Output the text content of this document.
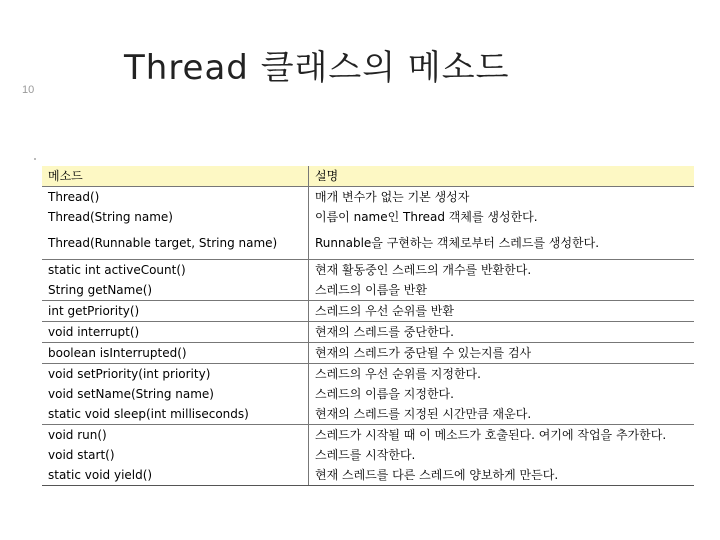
10
Thread 클래스의 메소드
메소드	설명
Thread()	매개 변수가 없는 기본 생성자
Thread(String name)	이름이 name인 Thread 객체를 생성한다.
Thread(Runnable target, String name)	Runnable을 구현하는 객체로부터 스레드를 생성한다.
static int activeCount()	현재 활동중인 스레드의 개수를 반환한다.
String getName()	스레드의 이름을 반환
int getPriority()	스레드의 우선 순위를 반환
void interrupt()	현재의 스레드를 중단한다.
boolean isInterrupted()	현재의 스레드가 중단될 수 있는지를 검사
void setPriority(int priority)	스레드의 우선 순위를 지정한다.
void setName(String name)	스레드의 이름을 지정한다.
static void sleep(int milliseconds)	현재의 스레드를 지정된 시간만큼 재운다.
void run()	스레드가 시작될 때 이 메소드가 호출된다. 여기에 작업을 추가한다.
void start()	스레드를 시작한다.
static void yield()	현재 스레드를 다른 스레드에 양보하게 만든다.
